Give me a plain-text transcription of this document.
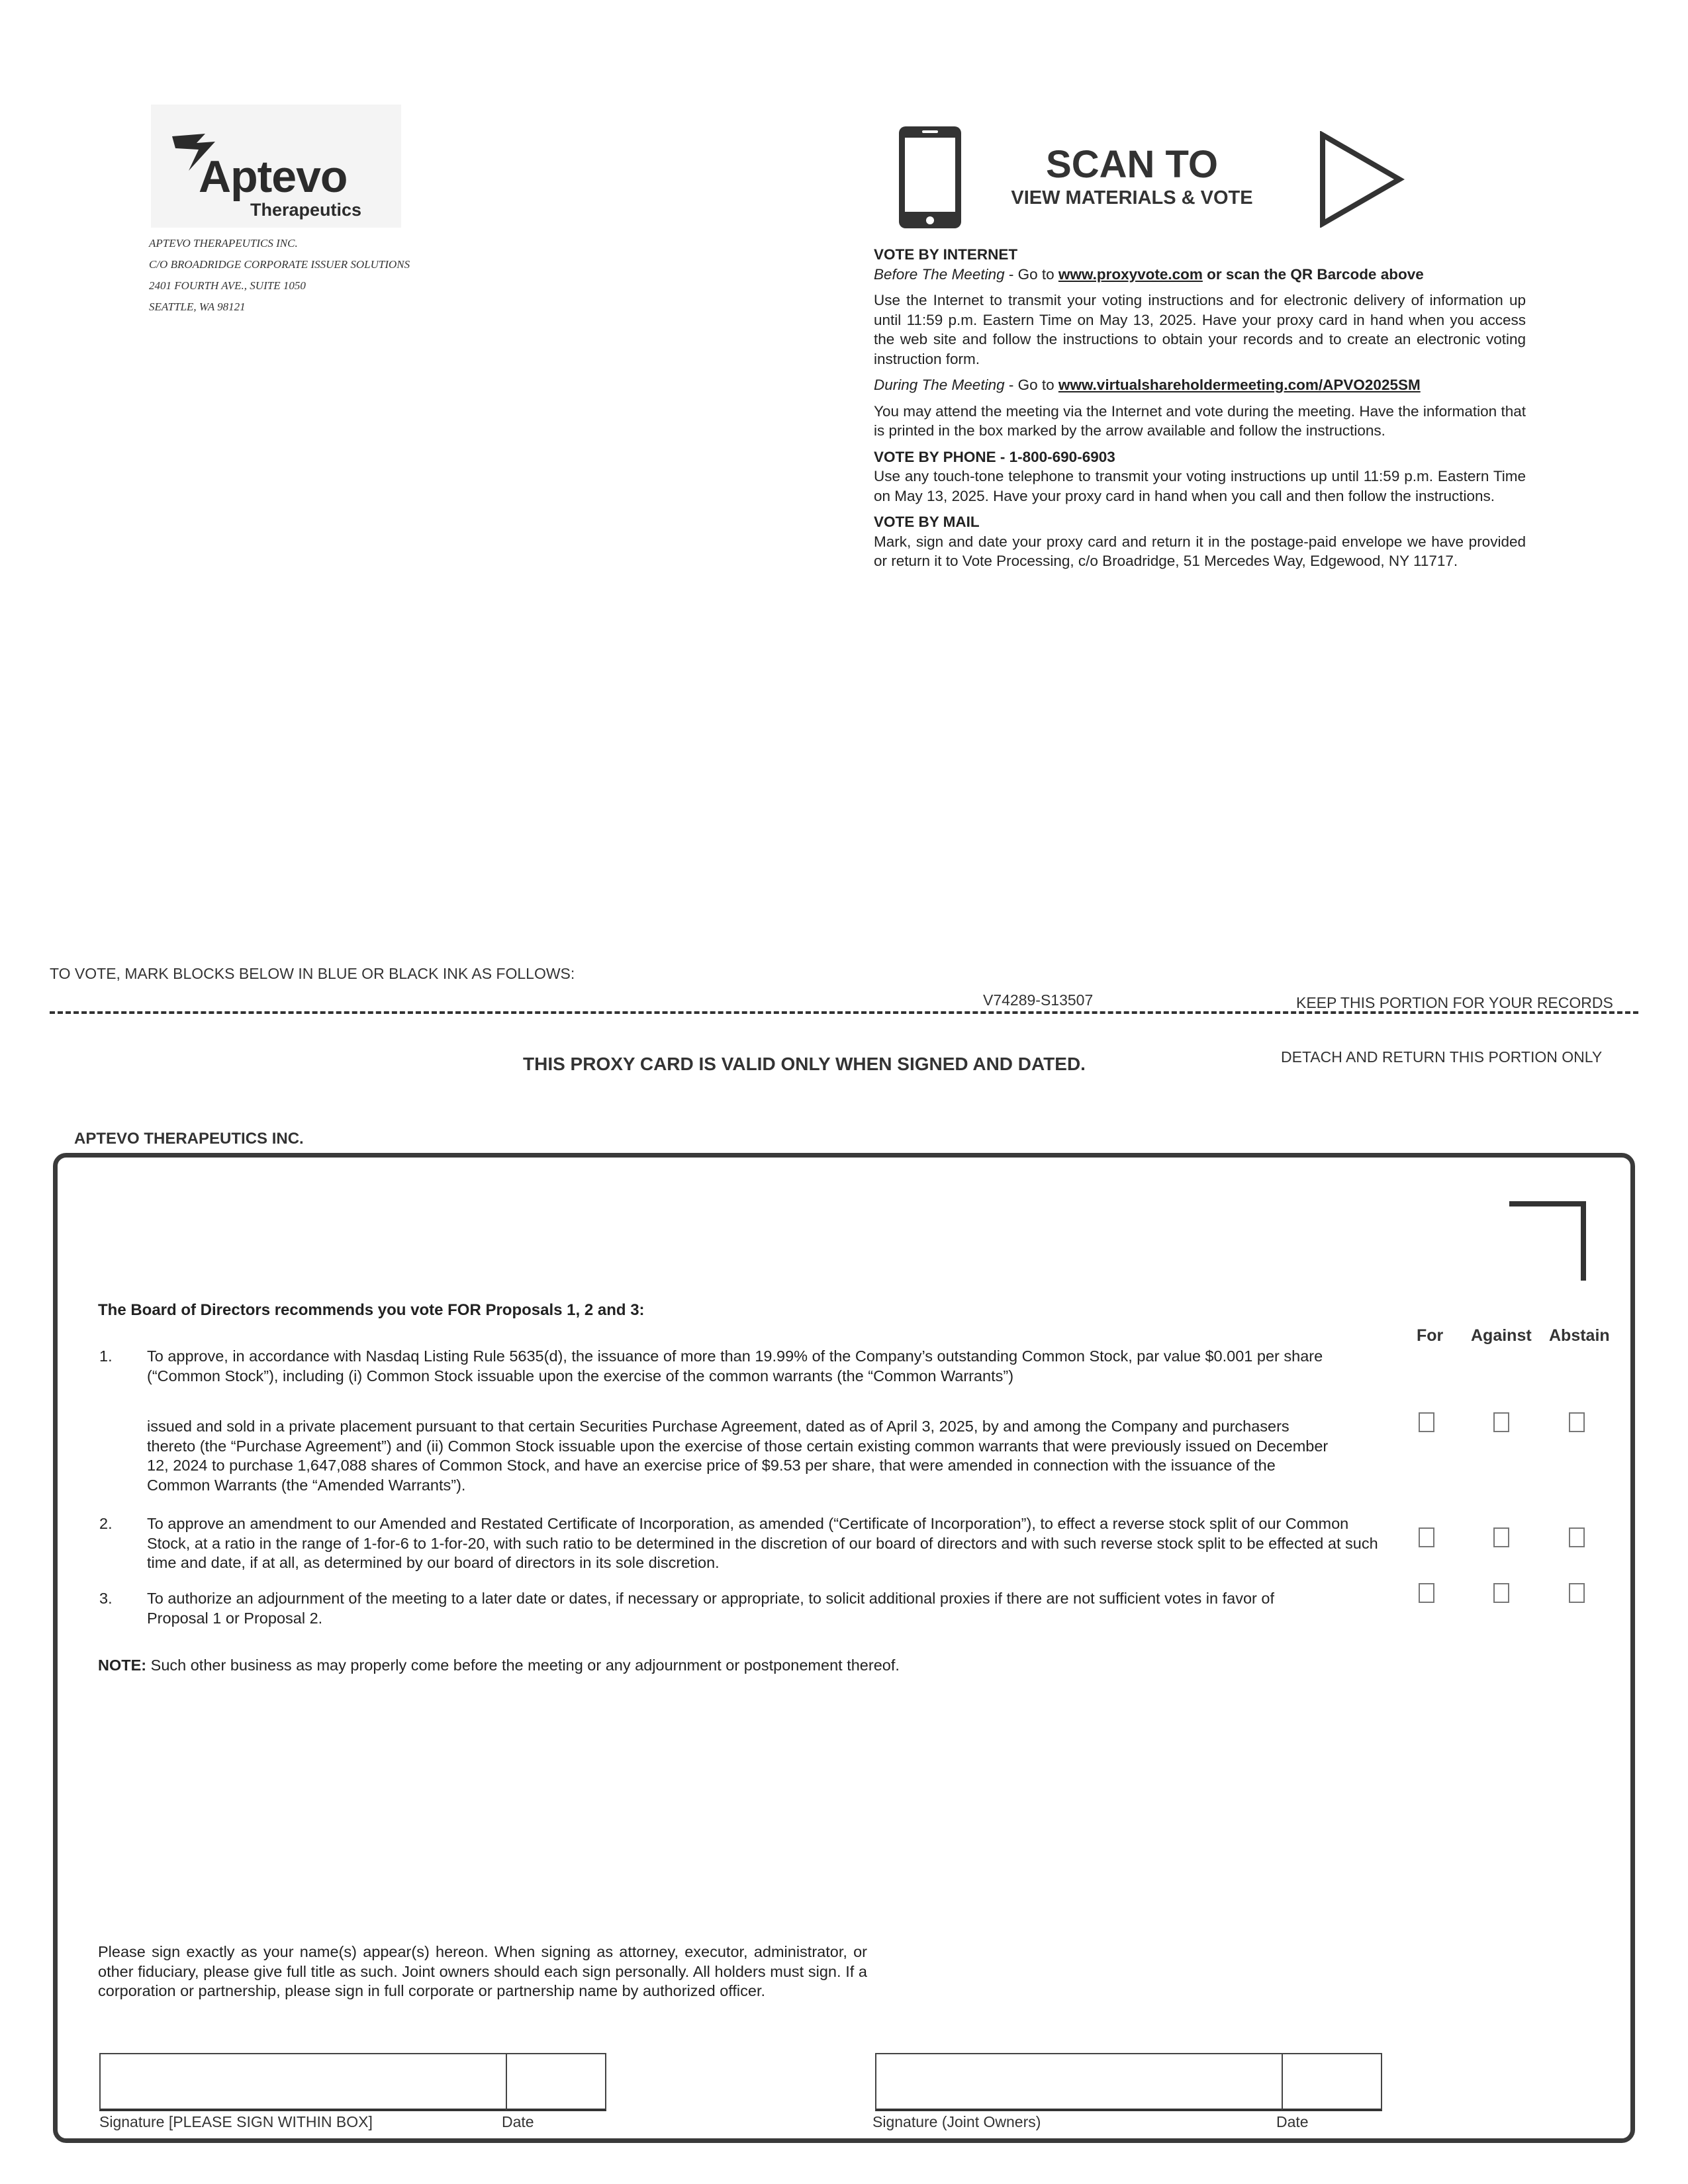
Aptevo
Therapeutics
APTEVO THERAPEUTICS INC.
C/O BROADRIDGE CORPORATE ISSUER SOLUTIONS
2401 FOURTH AVE., SUITE 1050
SEATTLE, WA 98121
SCAN TO
VIEW MATERIALS & VOTE
VOTE BY INTERNET
Before The Meeting - Go to www.proxyvote.com or scan the QR Barcode above
Use the Internet to transmit your voting instructions and for electronic delivery of information up until 11:59 p.m. Eastern Time on May 13, 2025. Have your proxy card in hand when you access the web site and follow the instructions to obtain your records and to create an electronic voting instruction form.
During The Meeting - Go to www.virtualshareholdermeeting.com/APVO2025SM
You may attend the meeting via the Internet and vote during the meeting. Have the information that is printed in the box marked by the arrow available and follow the instructions.
VOTE BY PHONE - 1-800-690-6903
Use any touch-tone telephone to transmit your voting instructions up until 11:59 p.m. Eastern Time on May 13, 2025. Have your proxy card in hand when you call and then follow the instructions.
VOTE BY MAIL
Mark, sign and date your proxy card and return it in the postage-paid envelope we have provided or return it to Vote Processing, c/o Broadridge, 51 Mercedes Way, Edgewood, NY 11717.
TO VOTE, MARK BLOCKS BELOW IN BLUE OR BLACK INK AS FOLLOWS:
V74289-S13507	KEEP THIS PORTION FOR YOUR RECORDS
DETACH AND RETURN THIS PORTION ONLY
THIS PROXY CARD IS VALID ONLY WHEN SIGNED AND DATED.
APTEVO THERAPEUTICS INC.
The Board of Directors recommends you vote FOR Proposals 1, 2 and 3:
For Against Abstain
1. To approve, in accordance with Nasdaq Listing Rule 5635(d), the issuance of more than 19.99% of the Company’s outstanding Common Stock, par value $0.001 per share (“Common Stock”), including (i) Common Stock issuable upon the exercise of the common warrants (the “Common Warrants”)
issued and sold in a private placement pursuant to that certain Securities Purchase Agreement, dated as of April 3, 2025, by and among the Company and purchasers thereto (the “Purchase Agreement”) and (ii) Common Stock issuable upon the exercise of those certain existing common warrants that were previously issued on December 12, 2024 to purchase 1,647,088 shares of Common Stock, and have an exercise price of $9.53 per share, that were amended in connection with the issuance of the Common Warrants (the “Amended Warrants”).
2. To approve an amendment to our Amended and Restated Certificate of Incorporation, as amended (“Certificate of Incorporation”), to effect a reverse stock split of our Common Stock, at a ratio in the range of 1-for-6 to 1-for-20, with such ratio to be determined in the discretion of our board of directors and with such reverse stock split to be effected at such time and date, if at all, as determined by our board of directors in its sole discretion.
3. To authorize an adjournment of the meeting to a later date or dates, if necessary or appropriate, to solicit additional proxies if there are not sufficient votes in favor of Proposal 1 or Proposal 2.
NOTE: Such other business as may properly come before the meeting or any adjournment or postponement thereof.
Please sign exactly as your name(s) appear(s) hereon. When signing as attorney, executor, administrator, or other fiduciary, please give full title as such. Joint owners should each sign personally. All holders must sign. If a corporation or partnership, please sign in full corporate or partnership name by authorized officer.
Signature [PLEASE SIGN WITHIN BOX]	Date	Signature (Joint Owners)	Date
